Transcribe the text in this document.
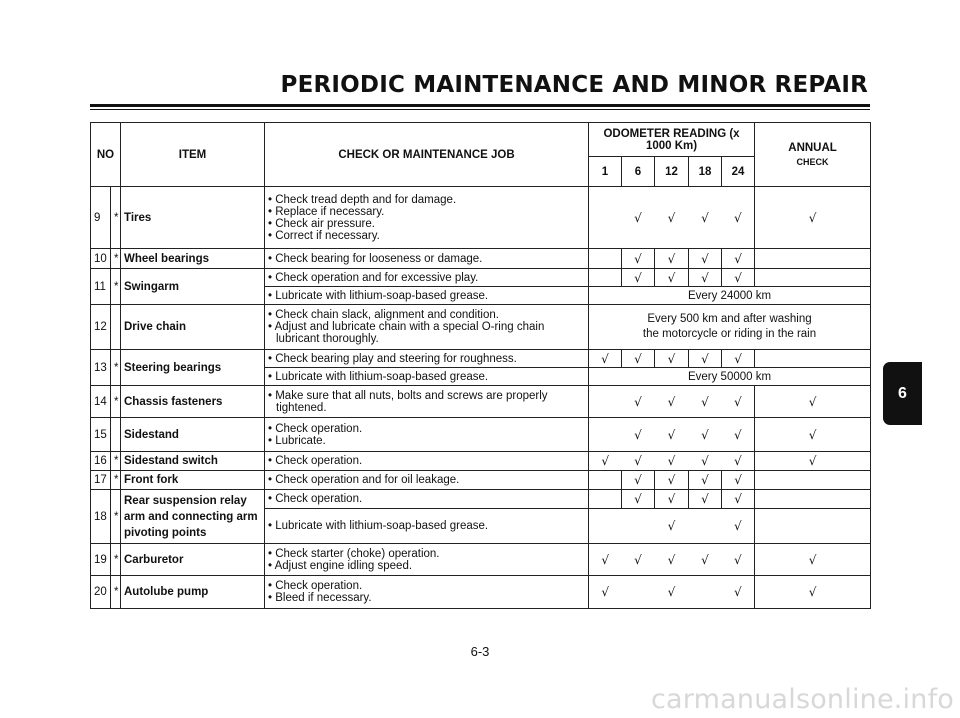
PERIODIC MAINTENANCE AND MINOR REPAIR
NO		ITEM	CHECK OR MAINTENANCE JOB	ODOMETER READING (x 1000 Km)					ANNUAL
CHECK

				1	6	12	18	24	
9	*	Tires	• Check tread depth and for damage.
• Replace if necessary.
• Check air pressure.
• Correct if necessary.		√	√	√	√	√
10	*	Wheel bearings	• Check bearing for looseness or damage.		√	√	√	√	
11	*	Swingarm	• Check operation and for excessive play.		√	√	√	√	
			• Lubricate with lithium-soap-based grease.	Every 24000 km					
12		Drive chain	• Check chain slack, alignment and condition.
• Adjust and lubricate chain with a special O-ring chain lubricant thoroughly.	Every 500 km and after washing
the motorcycle or riding in the rain					

13	*	Steering bearings	• Check bearing play and steering for roughness.	√	√	√	√	√	
			• Lubricate with lithium-soap-based grease.	Every 50000 km					
14	*	Chassis fasteners	• Make sure that all nuts, bolts and screws are properly tightened.		√	√	√	√	√
15		Sidestand	• Check operation.
• Lubricate.		√	√	√	√	√
16	*	Sidestand switch	• Check operation.	√	√	√	√	√	√
17	*	Front fork	• Check operation and for oil leakage.		√	√	√	√	
18	*	Rear suspension relay arm and connecting arm pivoting points	• Check operation.		√	√	√	√	
			• Lubricate with lithium-soap-based grease.			√		√	
19	*	Carburetor	• Check starter (choke) operation.
• Adjust engine idling speed.	√	√	√	√	√	√
20	*	Autolube pump	• Check operation.
• Bleed if necessary.	√		√		√	√
6-3
6
carmanualsonline.info
